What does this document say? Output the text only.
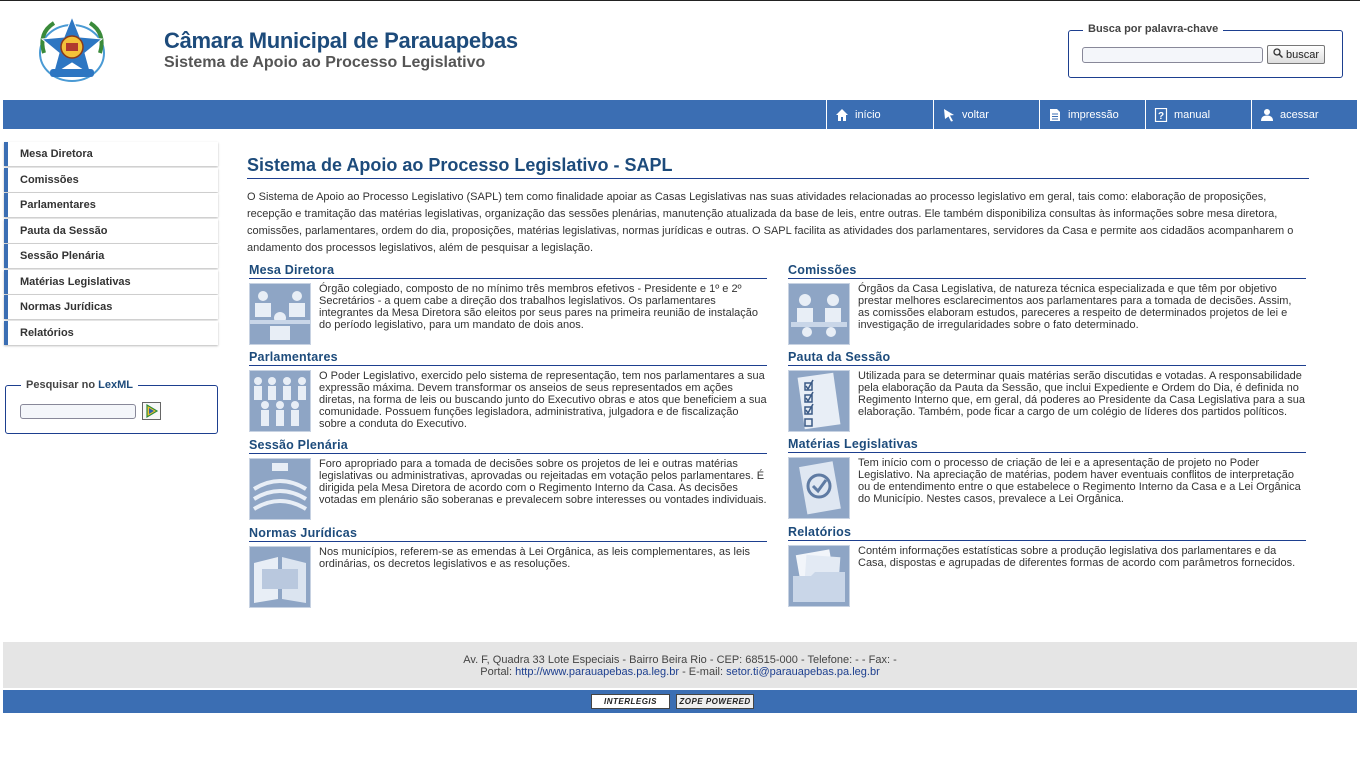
Câmara Municipal de Parauapebas
Sistema de Apoio ao Processo Legislativo
Busca por palavra-chave
buscar
início	voltar	impressão	? manual	acessar
Mesa Diretora
Comissões
Parlamentares
Pauta da Sessão
Sessão Plenária
Matérias Legislativas
Normas Jurídicas
Relatórios
Pesquisar no LexML
Sistema de Apoio ao Processo Legislativo - SAPL
O Sistema de Apoio ao Processo Legislativo (SAPL) tem como finalidade apoiar as Casas Legislativas nas suas atividades relacionadas ao processo legislativo em geral, tais como: elaboração de proposições, recepção e tramitação das matérias legislativas, organização das sessões plenárias, manutenção atualizada da base de leis, entre outras. Ele também disponibiliza consultas às informações sobre mesa diretora, comissões, parlamentares, ordem do dia, proposições, matérias legislativas, normas jurídicas e outras. O SAPL facilita as atividades dos parlamentares, servidores da Casa e permite aos cidadãos acompanharem o andamento dos processos legislativos, além de pesquisar a legislação.
Mesa Diretora
Órgão colegiado, composto de no mínimo três membros efetivos - Presidente e 1º e 2º Secretários - a quem cabe a direção dos trabalhos legislativos. Os parlamentares integrantes da Mesa Diretora são eleitos por seus pares na primeira reunião de instalação do período legislativo, para um mandato de dois anos.
Comissões
Órgãos da Casa Legislativa, de natureza técnica especializada e que têm por objetivo prestar melhores esclarecimentos aos parlamentares para a tomada de decisões. Assim, as comissões elaboram estudos, pareceres a respeito de determinados projetos de lei e investigação de irregularidades sobre o fato determinado.
Parlamentares
O Poder Legislativo, exercido pelo sistema de representação, tem nos parlamentares a sua expressão máxima. Devem transformar os anseios de seus representados em ações diretas, na forma de leis ou buscando junto do Executivo obras e atos que beneficiem a sua comunidade. Possuem funções legisladora, administrativa, julgadora e de fiscalização sobre a conduta do Executivo.
Pauta da Sessão
Utilizada para se determinar quais matérias serão discutidas e votadas. A responsabilidade pela elaboração da Pauta da Sessão, que inclui Expediente e Ordem do Dia, é definida no Regimento Interno que, em geral, dá poderes ao Presidente da Casa Legislativa para a sua elaboração. Também, pode ficar a cargo de um colégio de líderes dos partidos políticos.
Sessão Plenária
Foro apropriado para a tomada de decisões sobre os projetos de lei e outras matérias legislativas ou administrativas, aprovadas ou rejeitadas em votação pelos parlamentares. É dirigida pela Mesa Diretora de acordo com o Regimento Interno da Casa. As decisões votadas em plenário são soberanas e prevalecem sobre interesses ou vontades individuais.
Matérias Legislativas
Tem início com o processo de criação de lei e a apresentação de projeto no Poder Legislativo. Na apreciação de matérias, podem haver eventuais conflitos de interpretação ou de entendimento entre o que estabelece o Regimento Interno da Casa e a Lei Orgânica do Município. Nestes casos, prevalece a Lei Orgânica.
Normas Jurídicas
Nos municípios, referem-se as emendas à Lei Orgânica, as leis complementares, as leis ordinárias, os decretos legislativos e as resoluções.
Relatórios
Contém informações estatísticas sobre a produção legislativa dos parlamentares e da Casa, dispostas e agrupadas de diferentes formas de acordo com parâmetros fornecidos.
Av. F, Quadra 33 Lote Especiais - Bairro Beira Rio - CEP: 68515-000 - Telefone: - - Fax: -
Portal: http://www.parauapebas.pa.leg.br - E-mail: setor.ti@parauapebas.pa.leg.br
INTERLEGIS	ZOPE POWERED
